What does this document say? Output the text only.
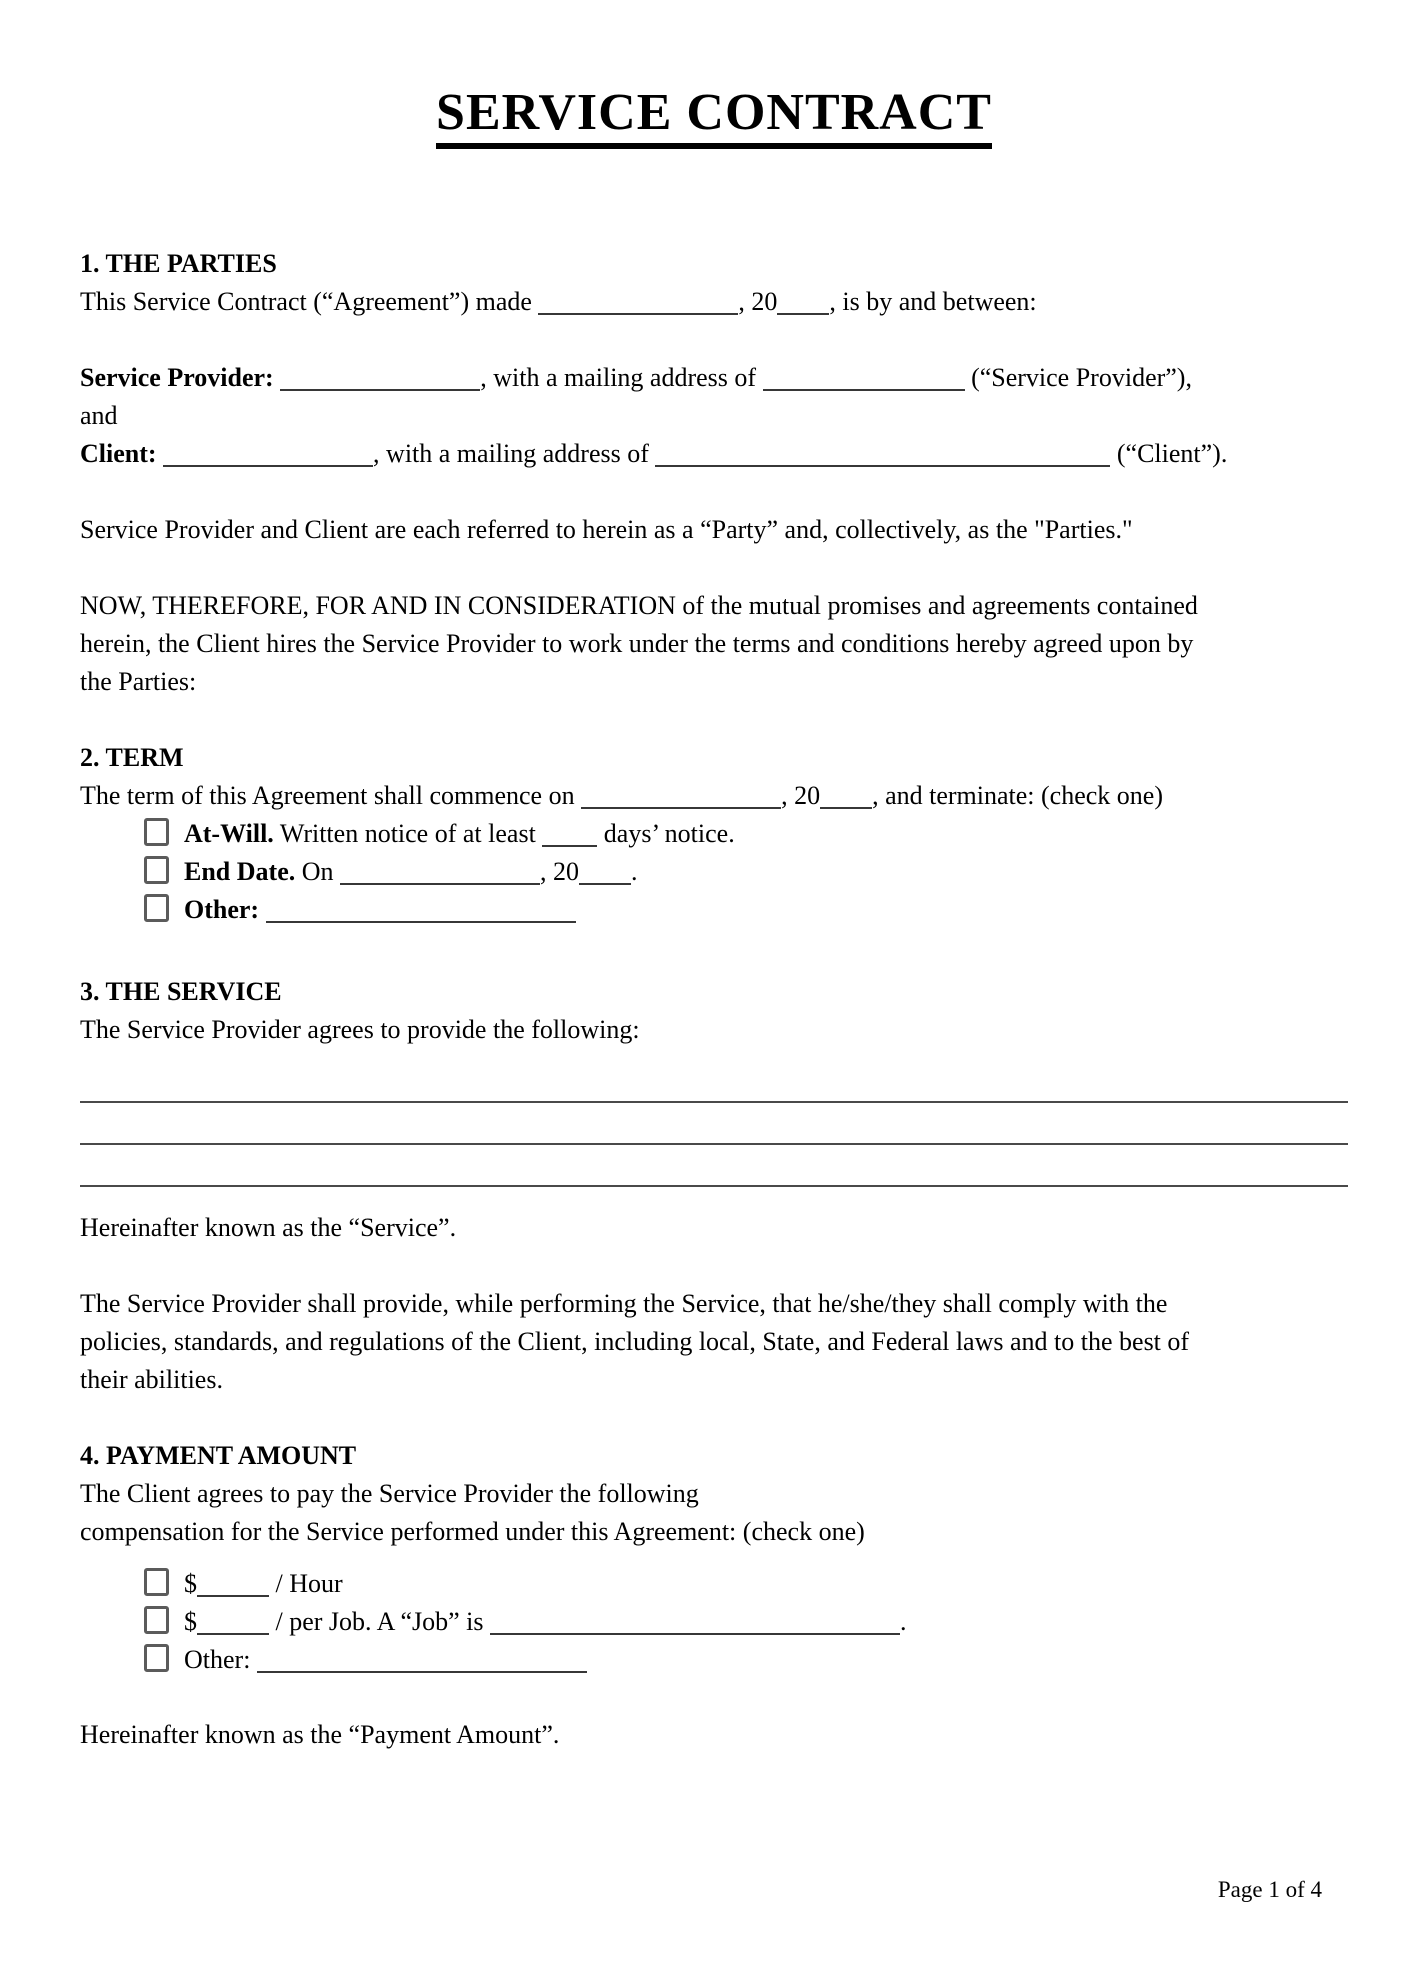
SERVICE CONTRACT
1. THE PARTIES
This Service Contract (“Agreement”) made	, 20 , is by and between:
Service Provider:	, with a mailing address of	(“Service Provider”),
and
Client:	, with a mailing address of	(“Client”).
Service Provider and Client are each referred to herein as a “Party” and, collectively, as the "Parties."
NOW, THEREFORE, FOR AND IN CONSIDERATION of the mutual promises and agreements contained
herein, the Client hires the Service Provider to work under the terms and conditions hereby agreed upon by
the Parties:
2. TERM
The term of this Agreement shall commence on	, 20 , and terminate: (check one)
At-Will. Written notice of at least  days’ notice.
End Date. On	, 20 .
Other:
3. THE SERVICE
The Service Provider agrees to provide the following:
Hereinafter known as the “Service”.
The Service Provider shall provide, while performing the Service, that he/she/they shall comply with the
policies, standards, and regulations of the Client, including local, State, and Federal laws and to the best of
their abilities.
4. PAYMENT AMOUNT
The Client agrees to pay the Service Provider the following
compensation for the Service performed under this Agreement: (check one)
$	/ Hour
$	/ per Job. A “Job” is	.
Other:
Hereinafter known as the “Payment Amount”.
Page 1 of 4
